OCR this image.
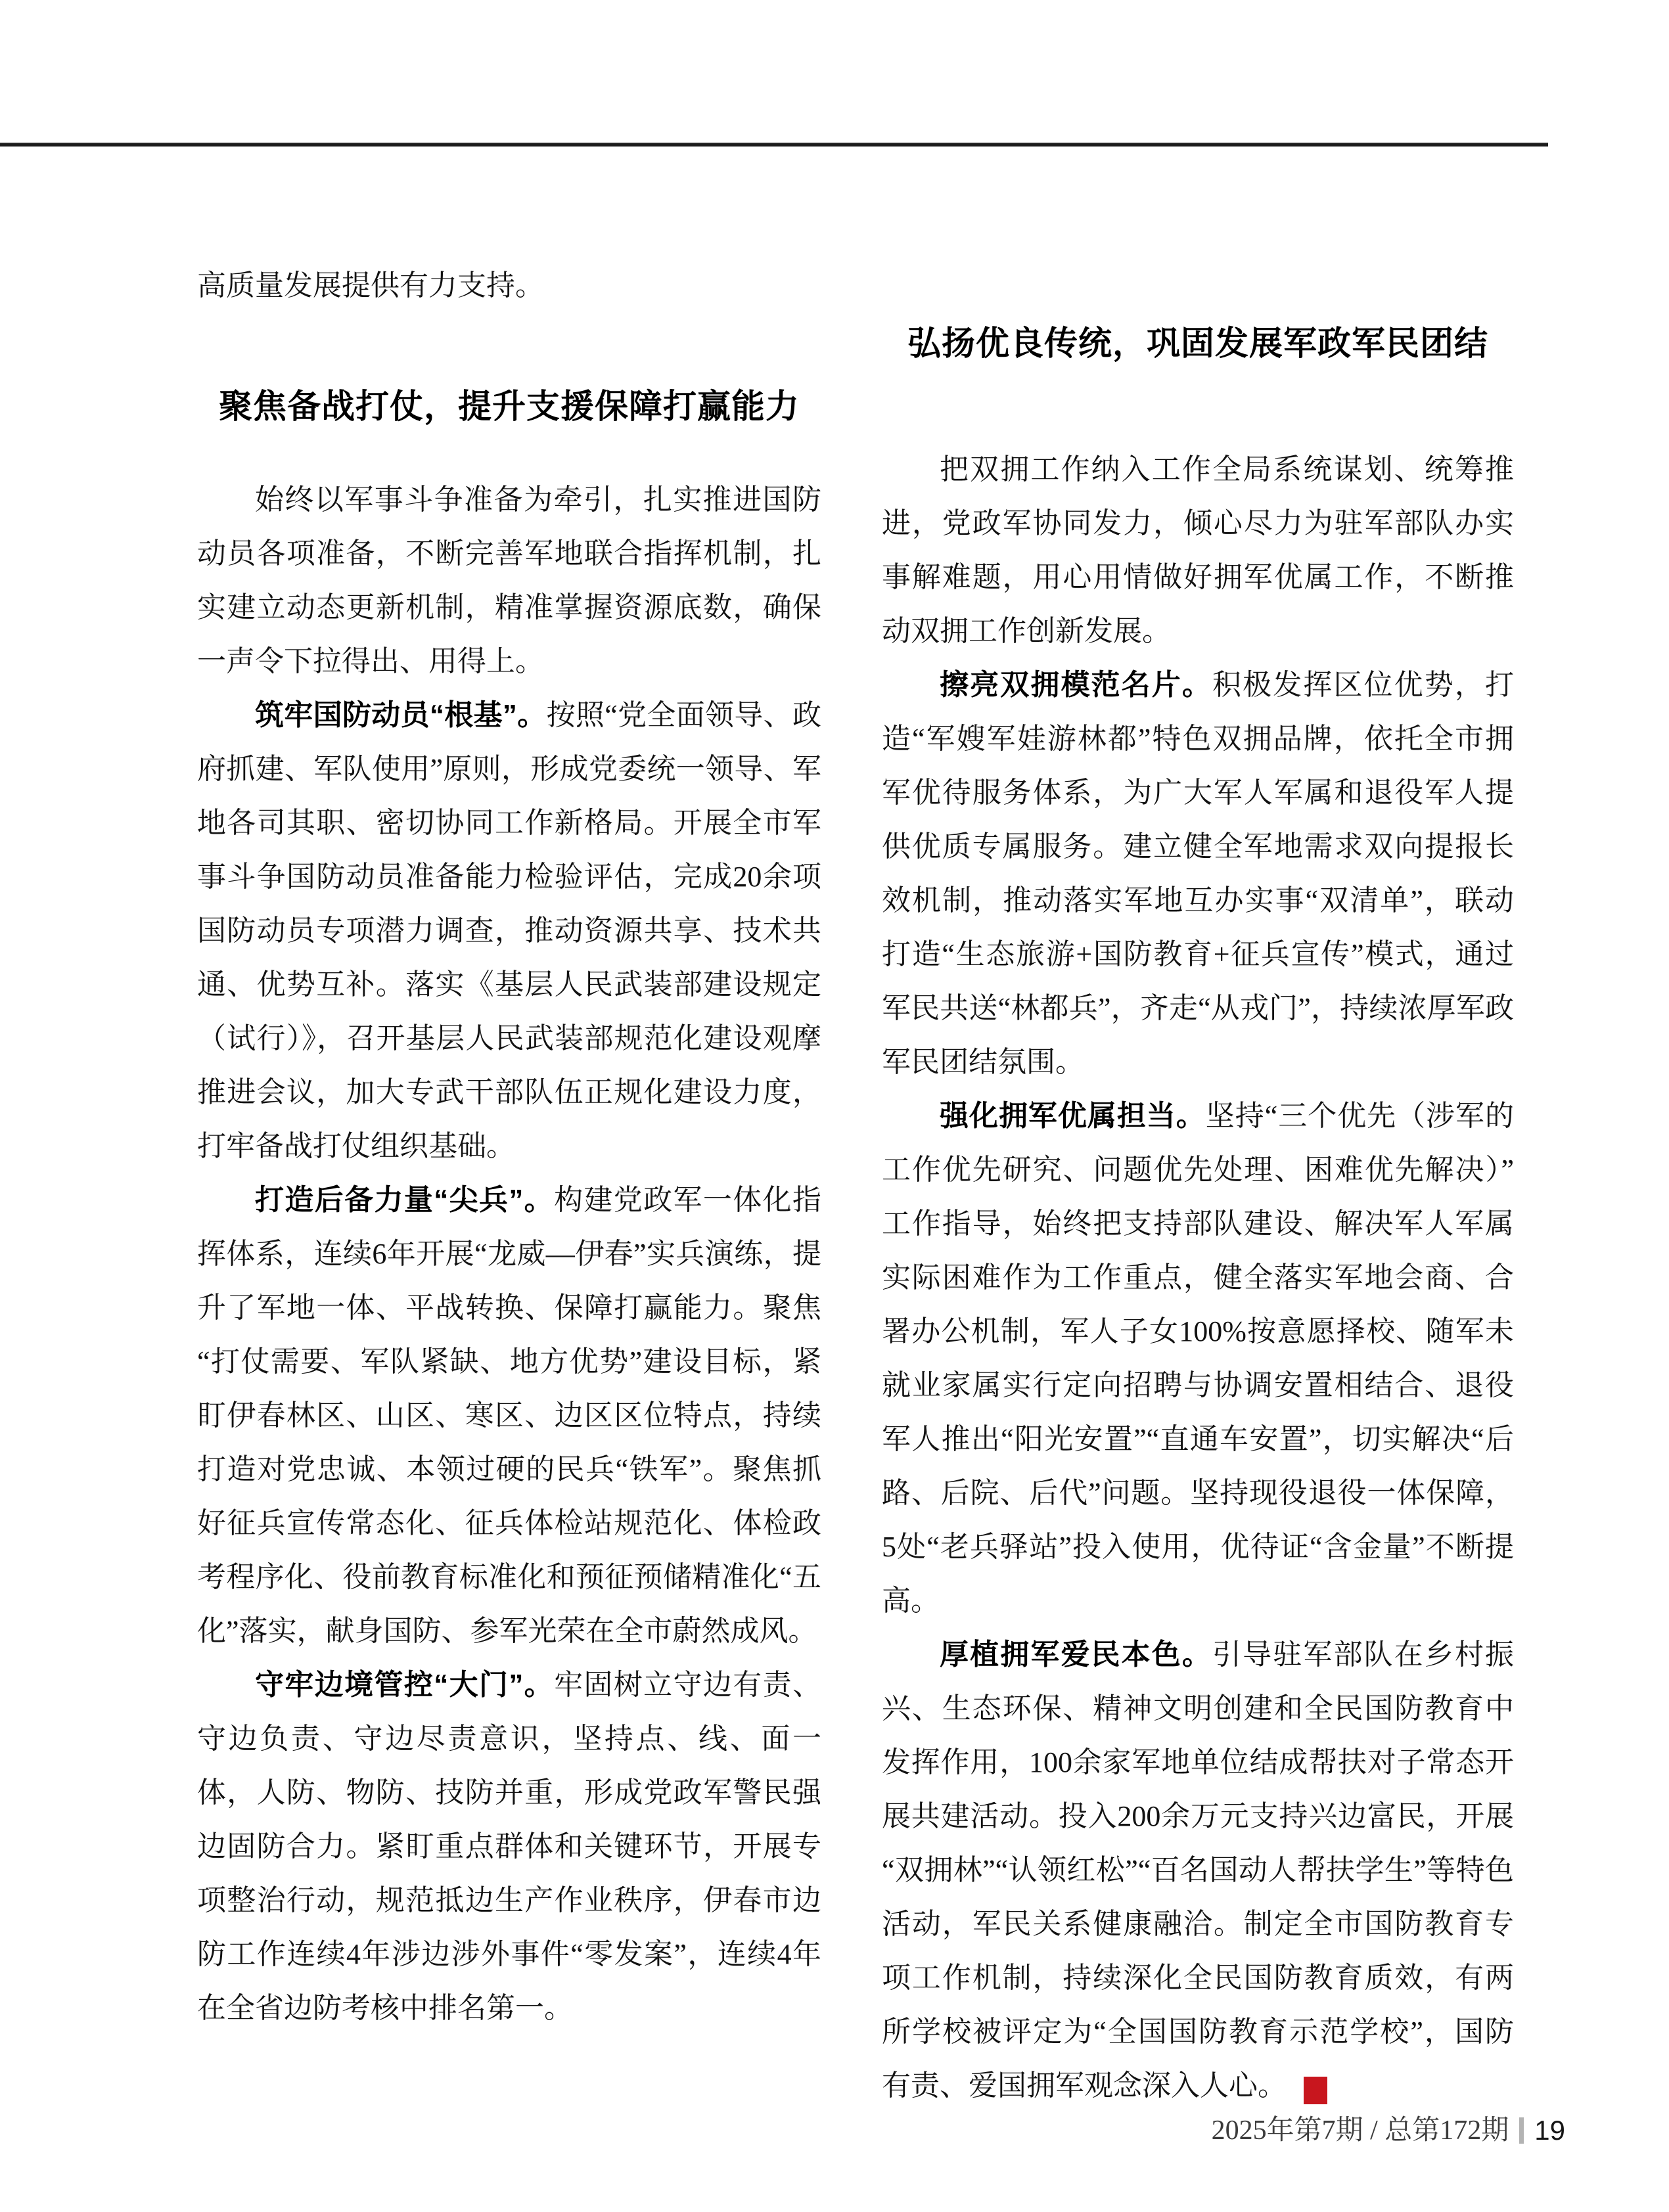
高质量发展提供有力支持。

聚焦备战打仗，提升支援保障打赢能力

始终以军事斗争准备为牵引，扎实推进国防动员各项准备，不断完善军地联合指挥机制，扎实建立动态更新机制，精准掌握资源底数，确保一声令下拉得出、用得上。

筑牢国防动员“根基”。按照“党全面领导、政府抓建、军队使用”原则，形成党委统一领导、军地各司其职、密切协同工作新格局。开展全市军事斗争国防动员准备能力检验评估，完成20余项国防动员专项潜力调查，推动资源共享、技术共通、优势互补。落实《基层人民武装部建设规定（试行）》，召开基层人民武装部规范化建设观摩推进会议，加大专武干部队伍正规化建设力度，打牢备战打仗组织基础。

打造后备力量“尖兵”。构建党政军一体化指挥体系，连续6年开展“龙威—伊春”实兵演练，提升了军地一体、平战转换、保障打赢能力。聚焦“打仗需要、军队紧缺、地方优势”建设目标，紧盯伊春林区、山区、寒区、边区区位特点，持续打造对党忠诚、本领过硬的民兵“铁军”。聚焦抓好征兵宣传常态化、征兵体检站规范化、体检政考程序化、役前教育标准化和预征预储精准化“五化”落实，献身国防、参军光荣在全市蔚然成风。

守牢边境管控“大门”。牢固树立守边有责、守边负责、守边尽责意识，坚持点、线、面一体，人防、物防、技防并重，形成党政军警民强边固防合力。紧盯重点群体和关键环节，开展专项整治行动，规范抵边生产作业秩序，伊春市边防工作连续4年涉边涉外事件“零发案”，连续4年在全省边防考核中排名第一。

弘扬优良传统，巩固发展军政军民团结

把双拥工作纳入工作全局系统谋划、统筹推进，党政军协同发力，倾心尽力为驻军部队办实事解难题，用心用情做好拥军优属工作，不断推动双拥工作创新发展。

擦亮双拥模范名片。积极发挥区位优势，打造“军嫂军娃游林都”特色双拥品牌，依托全市拥军优待服务体系，为广大军人军属和退役军人提供优质专属服务。建立健全军地需求双向提报长效机制，推动落实军地互办实事“双清单”，联动打造“生态旅游+国防教育+征兵宣传”模式，通过军民共送“林都兵”，齐走“从戎门”，持续浓厚军政军民团结氛围。

强化拥军优属担当。坚持“三个优先（涉军的工作优先研究、问题优先处理、困难优先解决）”工作指导，始终把支持部队建设、解决军人军属实际困难作为工作重点，健全落实军地会商、合署办公机制，军人子女100%按意愿择校、随军未就业家属实行定向招聘与协调安置相结合、退役军人推出“阳光安置”“直通车安置”，切实解决“后路、后院、后代”问题。坚持现役退役一体保障，5处“老兵驿站”投入使用，优待证“含金量”不断提高。

厚植拥军爱民本色。引导驻军部队在乡村振兴、生态环保、精神文明创建和全民国防教育中发挥作用，100余家军地单位结成帮扶对子常态开展共建活动。投入200余万元支持兴边富民，开展“双拥林”“认领红松”“百名国动人帮扶学生”等特色活动，军民关系健康融洽。制定全市国防教育专项工作机制，持续深化全民国防教育质效，有两所学校被评定为“全国国防教育示范学校”，国防有责、爱国拥军观念深入人心。	G

2025年第7期 / 总第172期 19
